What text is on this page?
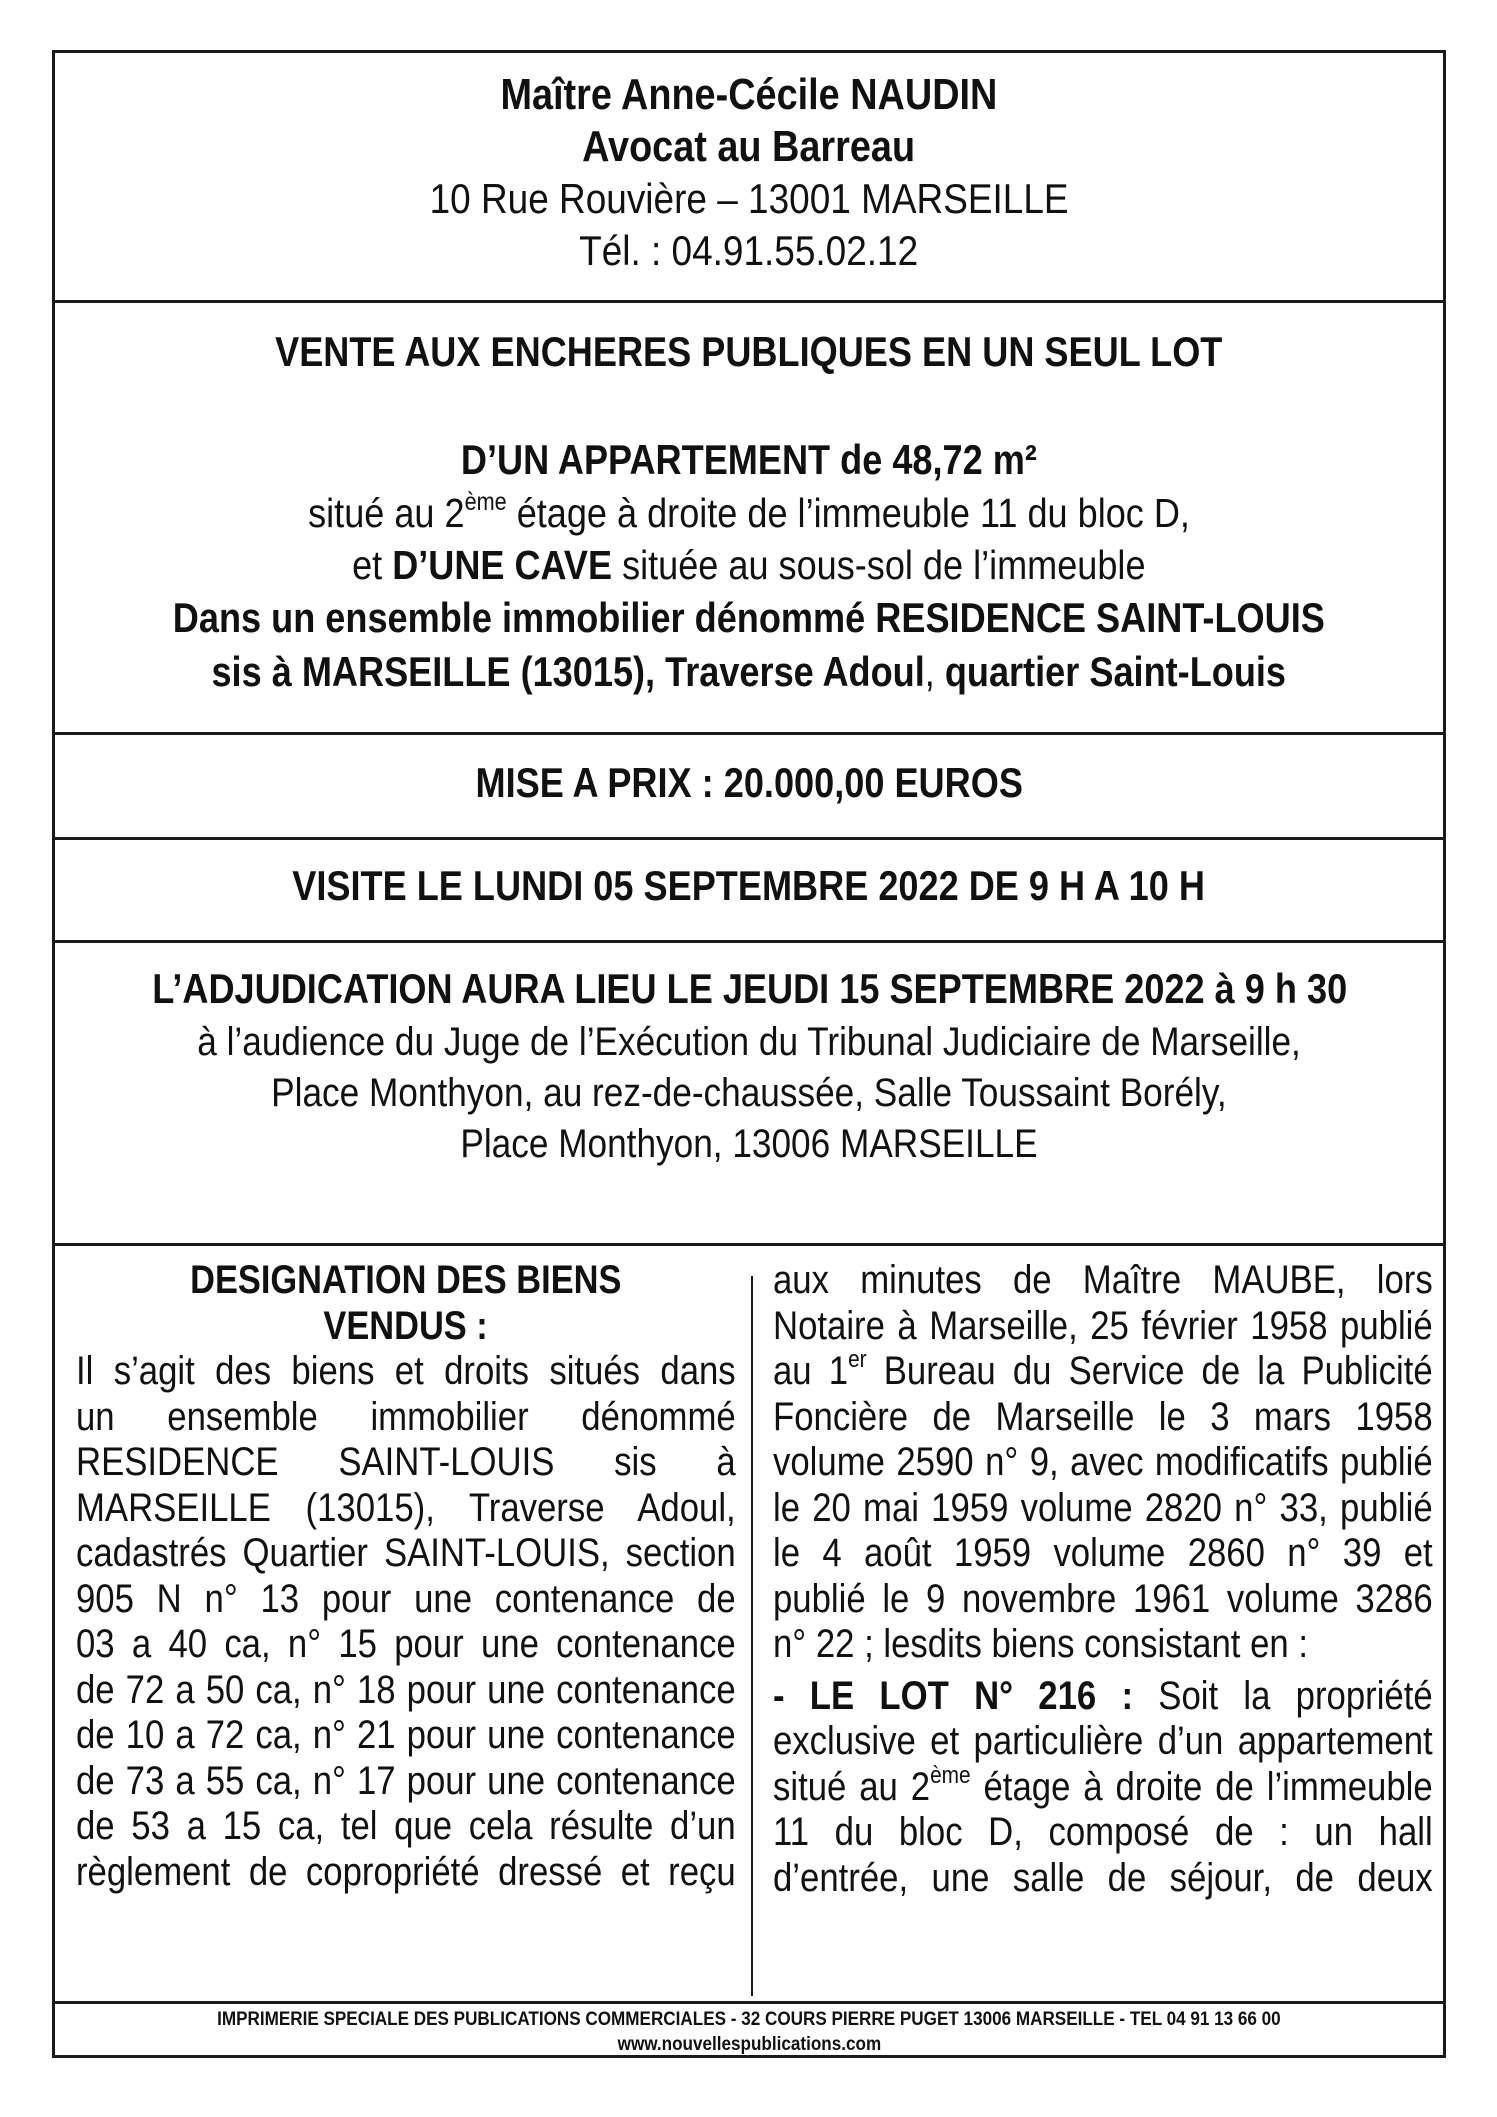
Maître Anne-Cécile NAUDIN
Avocat au Barreau
10 Rue Rouvière – 13001 MARSEILLE
Tél. : 04.91.55.02.12
VENTE AUX ENCHERES PUBLIQUES EN UN SEUL LOT

D’UN APPARTEMENT de 48,72 m²
situé au 2ème étage à droite de l’immeuble 11 du bloc D,
et D’UNE CAVE située au sous-sol de l’immeuble
Dans un ensemble immobilier dénommé RESIDENCE SAINT-LOUIS
sis à MARSEILLE (13015), Traverse Adoul, quartier Saint-Louis
MISE A PRIX : 20.000,00 EUROS
VISITE LE LUNDI 05 SEPTEMBRE 2022 DE 9 H A 10 H
L’ADJUDICATION AURA LIEU LE JEUDI 15 SEPTEMBRE 2022 à 9 h 30
à l’audience du Juge de l’Exécution du Tribunal Judiciaire de Marseille,
Place Monthyon, au rez-de-chaussée, Salle Toussaint Borély,
Place Monthyon, 13006 MARSEILLE
DESIGNATION DES BIENS
VENDUS :
Il s’agit des biens et droits situés dans
un ensemble immobilier dénommé
RESIDENCE SAINT-LOUIS sis à
MARSEILLE (13015), Traverse Adoul,
cadastrés Quartier SAINT-LOUIS, section
905 N n° 13 pour une contenance de
03 a 40 ca, n° 15 pour une contenance
de 72 a 50 ca, n° 18 pour une contenance
de 10 a 72 ca, n° 21 pour une contenance
de 73 a 55 ca, n° 17 pour une contenance
de 53 a 15 ca, tel que cela résulte d’un
règlement de copropriété dressé et reçu
aux minutes de Maître MAUBE, lors
Notaire à Marseille, 25 février 1958 publié
au 1er Bureau du Service de la Publicité
Foncière de Marseille le 3 mars 1958
volume 2590 n° 9, avec modificatifs publié
le 20 mai 1959 volume 2820 n° 33, publié
le 4 août 1959 volume 2860 n° 39 et
publié le 9 novembre 1961 volume 3286
n° 22 ; lesdits biens consistant en :
- LE LOT N° 216 : Soit la propriété
exclusive et particulière d’un appartement
situé au 2ème étage à droite de l’immeuble
11 du bloc D, composé de : un hall
d’entrée, une salle de séjour, de deux
IMPRIMERIE SPECIALE DES PUBLICATIONS COMMERCIALES - 32 COURS PIERRE PUGET 13006 MARSEILLE - TEL 04 91 13 66 00
www.nouvellespublications.com
